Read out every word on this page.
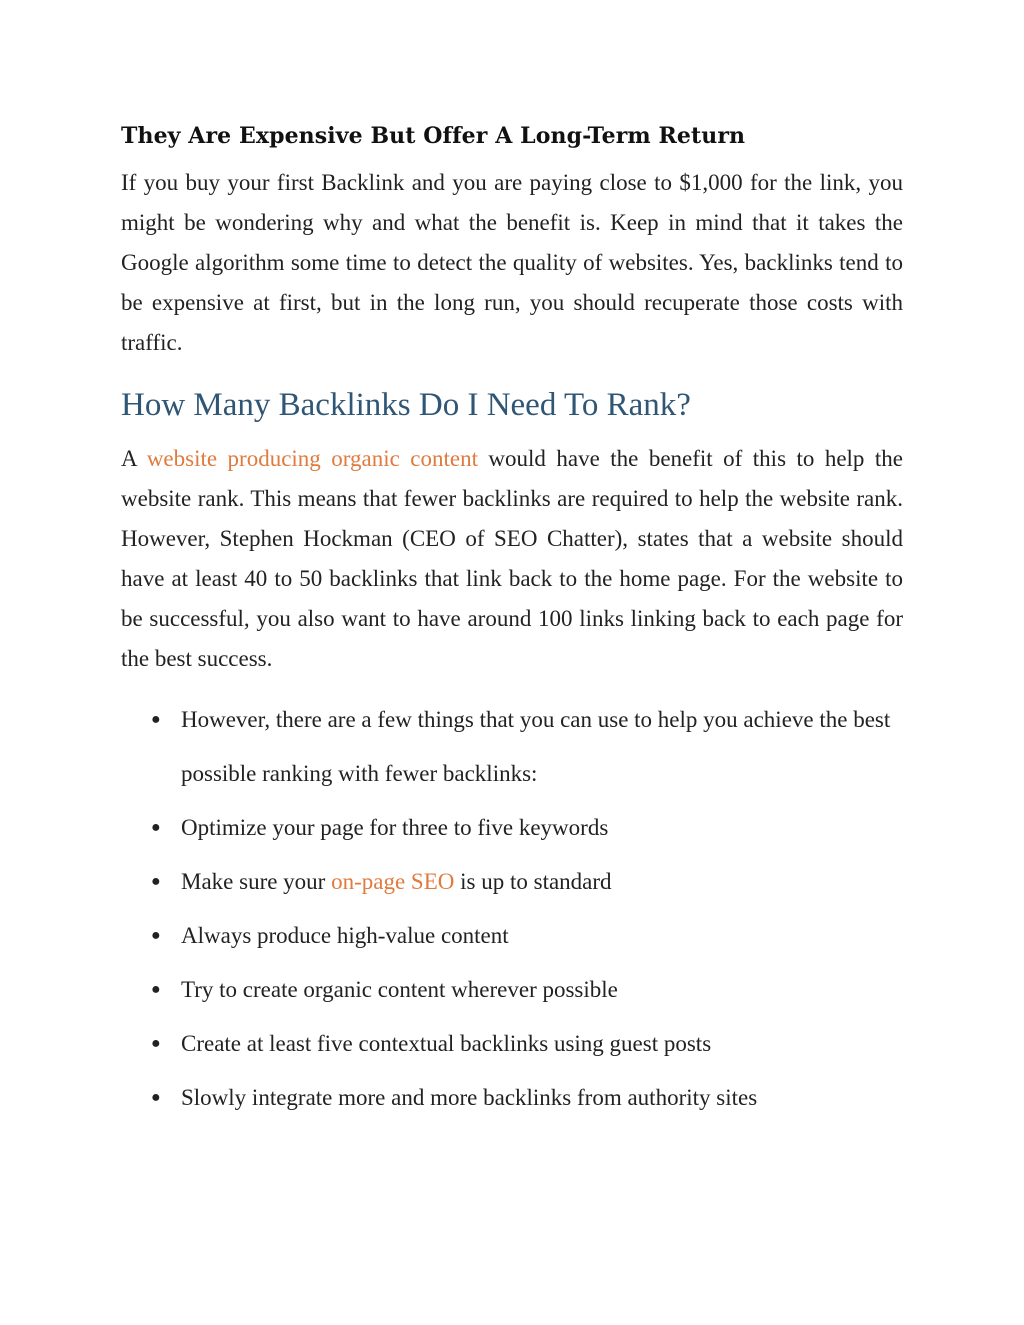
They Are Expensive But Offer A Long-Term Return

If you buy your first Backlink and you are paying close to $1,000 for the link, you might be wondering why and what the benefit is. Keep in mind that it takes the Google algorithm some time to detect the quality of websites. Yes, backlinks tend to be expensive at first, but in the long run, you should recuperate those costs with traffic.

How Many Backlinks Do I Need To Rank?

A website producing organic content would have the benefit of this to help the website rank. This means that fewer backlinks are required to help the website rank. However, Stephen Hockman (CEO of SEO Chatter), states that a website should have at least 40 to 50 backlinks that link back to the home page. For the website to be successful, you also want to have around 100 links linking back to each page for the best success.

● However, there are a few things that you can use to help you achieve the best possible ranking with fewer backlinks:
● Optimize your page for three to five keywords
● Make sure your on-page SEO is up to standard
● Always produce high-value content
● Try to create organic content wherever possible
● Create at least five contextual backlinks using guest posts
● Slowly integrate more and more backlinks from authority sites
